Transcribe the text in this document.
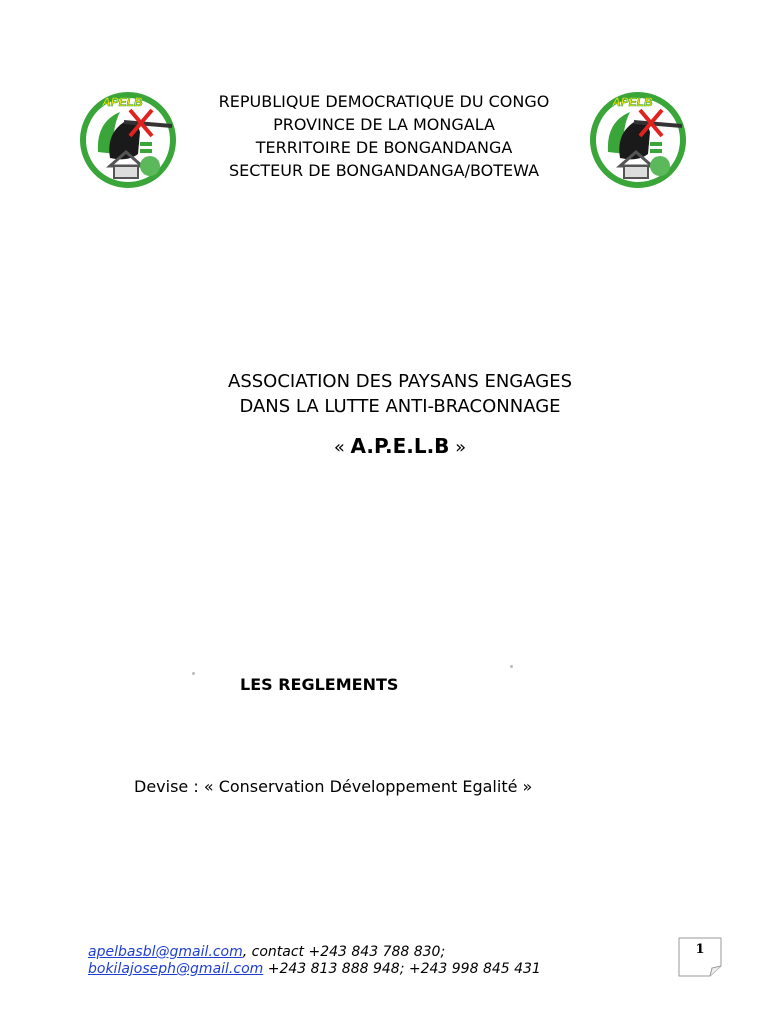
APELB	APELB
REPUBLIQUE DEMOCRATIQUE DU CONGO
PROVINCE DE LA MONGALA
TERRITOIRE DE BONGANDANGA
SECTEUR DE BONGANDANGA/BOTEWA
ASSOCIATION DES PAYSANS ENGAGES
DANS LA LUTTE ANTI-BRACONNAGE
« A.P.E.L.B »
LES REGLEMENTS
Devise : « Conservation Développement Egalité »
apelbasbl@gmail.com, contact +243 843 788 830;
bokilajoseph@gmail.com +243 813 888 948; +243 998 845 431
1
